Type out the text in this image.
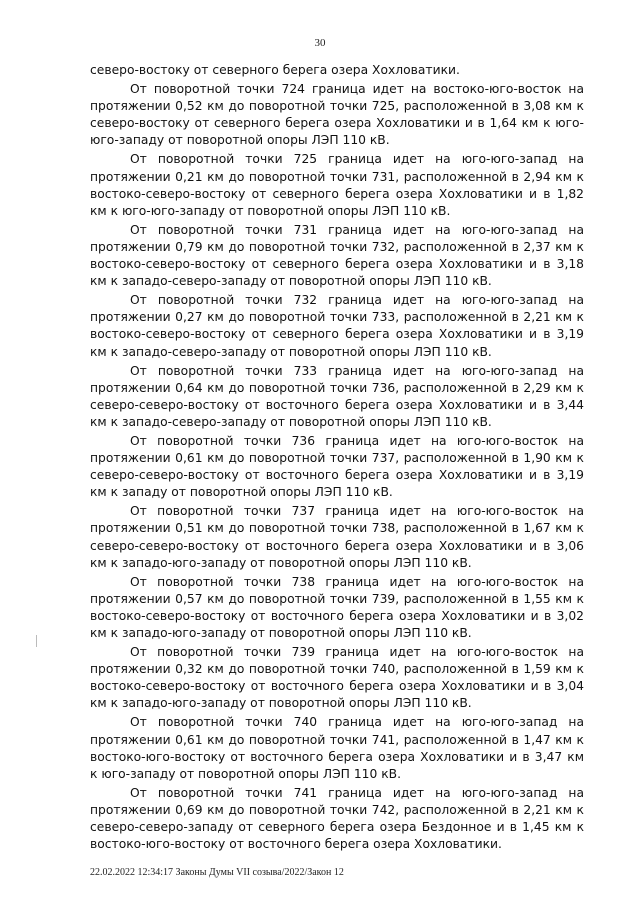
30

северо-востоку от северного берега озера Хохловатики.

От поворотной точки 724 граница идет на востоко-юго-восток на протяжении 0,52 км до поворотной точки 725, расположенной в 3,08 км к северо-востоку от северного берега озера Хохловатики и в 1,64 км к юго-юго-западу от поворотной опоры ЛЭП 110 кВ.

От поворотной точки 725 граница идет на юго-юго-запад на протяжении 0,21 км до поворотной точки 731, расположенной в 2,94 км к востоко-северо-востоку от северного берега озера Хохловатики и в 1,82 км к юго-юго-западу от поворотной опоры ЛЭП 110 кВ.

От поворотной точки 731 граница идет на юго-юго-запад на протяжении 0,79 км до поворотной точки 732, расположенной в 2,37 км к востоко-северо-востоку от северного берега озера Хохловатики и в 3,18 км к западо-северо-западу от поворотной опоры ЛЭП 110 кВ.

От поворотной точки 732 граница идет на юго-юго-запад на протяжении 0,27 км до поворотной точки 733, расположенной в 2,21 км к востоко-северо-востоку от северного берега озера Хохловатики и в 3,19 км к западо-северо-западу от поворотной опоры ЛЭП 110 кВ.

От поворотной точки 733 граница идет на юго-юго-запад на протяжении 0,64 км до поворотной точки 736, расположенной в 2,29 км к северо-северо-востоку от восточного берега озера Хохловатики и в 3,44 км к западо-северо-западу от поворотной опоры ЛЭП 110 кВ.

От поворотной точки 736 граница идет на юго-юго-восток на протяжении 0,61 км до поворотной точки 737, расположенной в 1,90 км к северо-северо-востоку от восточного берега озера Хохловатики и в 3,19 км к западу от поворотной опоры ЛЭП 110 кВ.

От поворотной точки 737 граница идет на юго-юго-восток на протяжении 0,51 км до поворотной точки 738, расположенной в 1,67 км к северо-северо-востоку от восточного берега озера Хохловатики и в 3,06 км к западо-юго-западу от поворотной опоры ЛЭП 110 кВ.

От поворотной точки 738 граница идет на юго-юго-восток на протяжении 0,57 км до поворотной точки 739, расположенной в 1,55 км к востоко-северо-востоку от восточного берега озера Хохловатики и в 3,02 км к западо-юго-западу от поворотной опоры ЛЭП 110 кВ.

От поворотной точки 739 граница идет на юго-юго-восток на протяжении 0,32 км до поворотной точки 740, расположенной в 1,59 км к востоко-северо-востоку от восточного берега озера Хохловатики и в 3,04 км к западо-юго-западу от поворотной опоры ЛЭП 110 кВ.

От поворотной точки 740 граница идет на юго-юго-запад на протяжении 0,61 км до поворотной точки 741, расположенной в 1,47 км к востоко-юго-востоку от восточного берега озера Хохловатики и в 3,47 км к юго-западу от поворотной опоры ЛЭП 110 кВ.

От поворотной точки 741 граница идет на юго-юго-запад на протяжении 0,69 км до поворотной точки 742, расположенной в 2,21 км к северо-северо-западу от северного берега озера Бездонное и в 1,45 км к востоко-юго-востоку от восточного берега озера Хохловатики.

22.02.2022 12:34:17 Законы Думы VII созыва/2022/Закон 12
